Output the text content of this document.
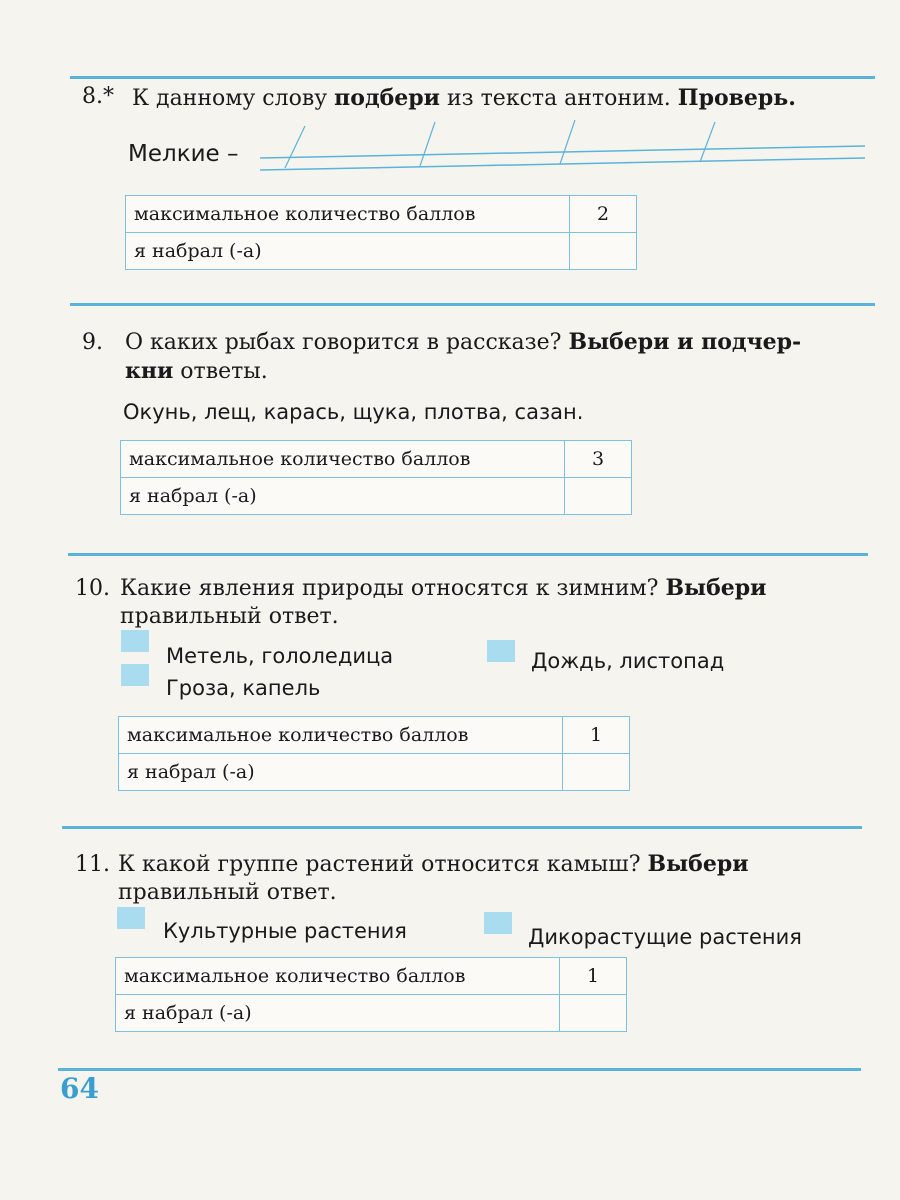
8.* К данному слову подбери из текста антоним. Проверь.
Мелкие –
максимальное количество баллов	2
я набрал (-а)	
9. О каких рыбах говорится в рассказе? Выбери и подчер-
кни ответы.
Окунь, лещ, карась, щука, плотва, сазан.
максимальное количество баллов	3
я набрал (-а)	
10. Какие явления природы относятся к зимним? Выбери
правильный ответ.
Метель, гололедица	Дождь, листопад
Гроза, капель
максимальное количество баллов	1
я набрал (-а)	
11. К какой группе растений относится камыш? Выбери
правильный ответ.
Культурные растения	Дикорастущие растения
максимальное количество баллов	1
я набрал (-а)	
64
